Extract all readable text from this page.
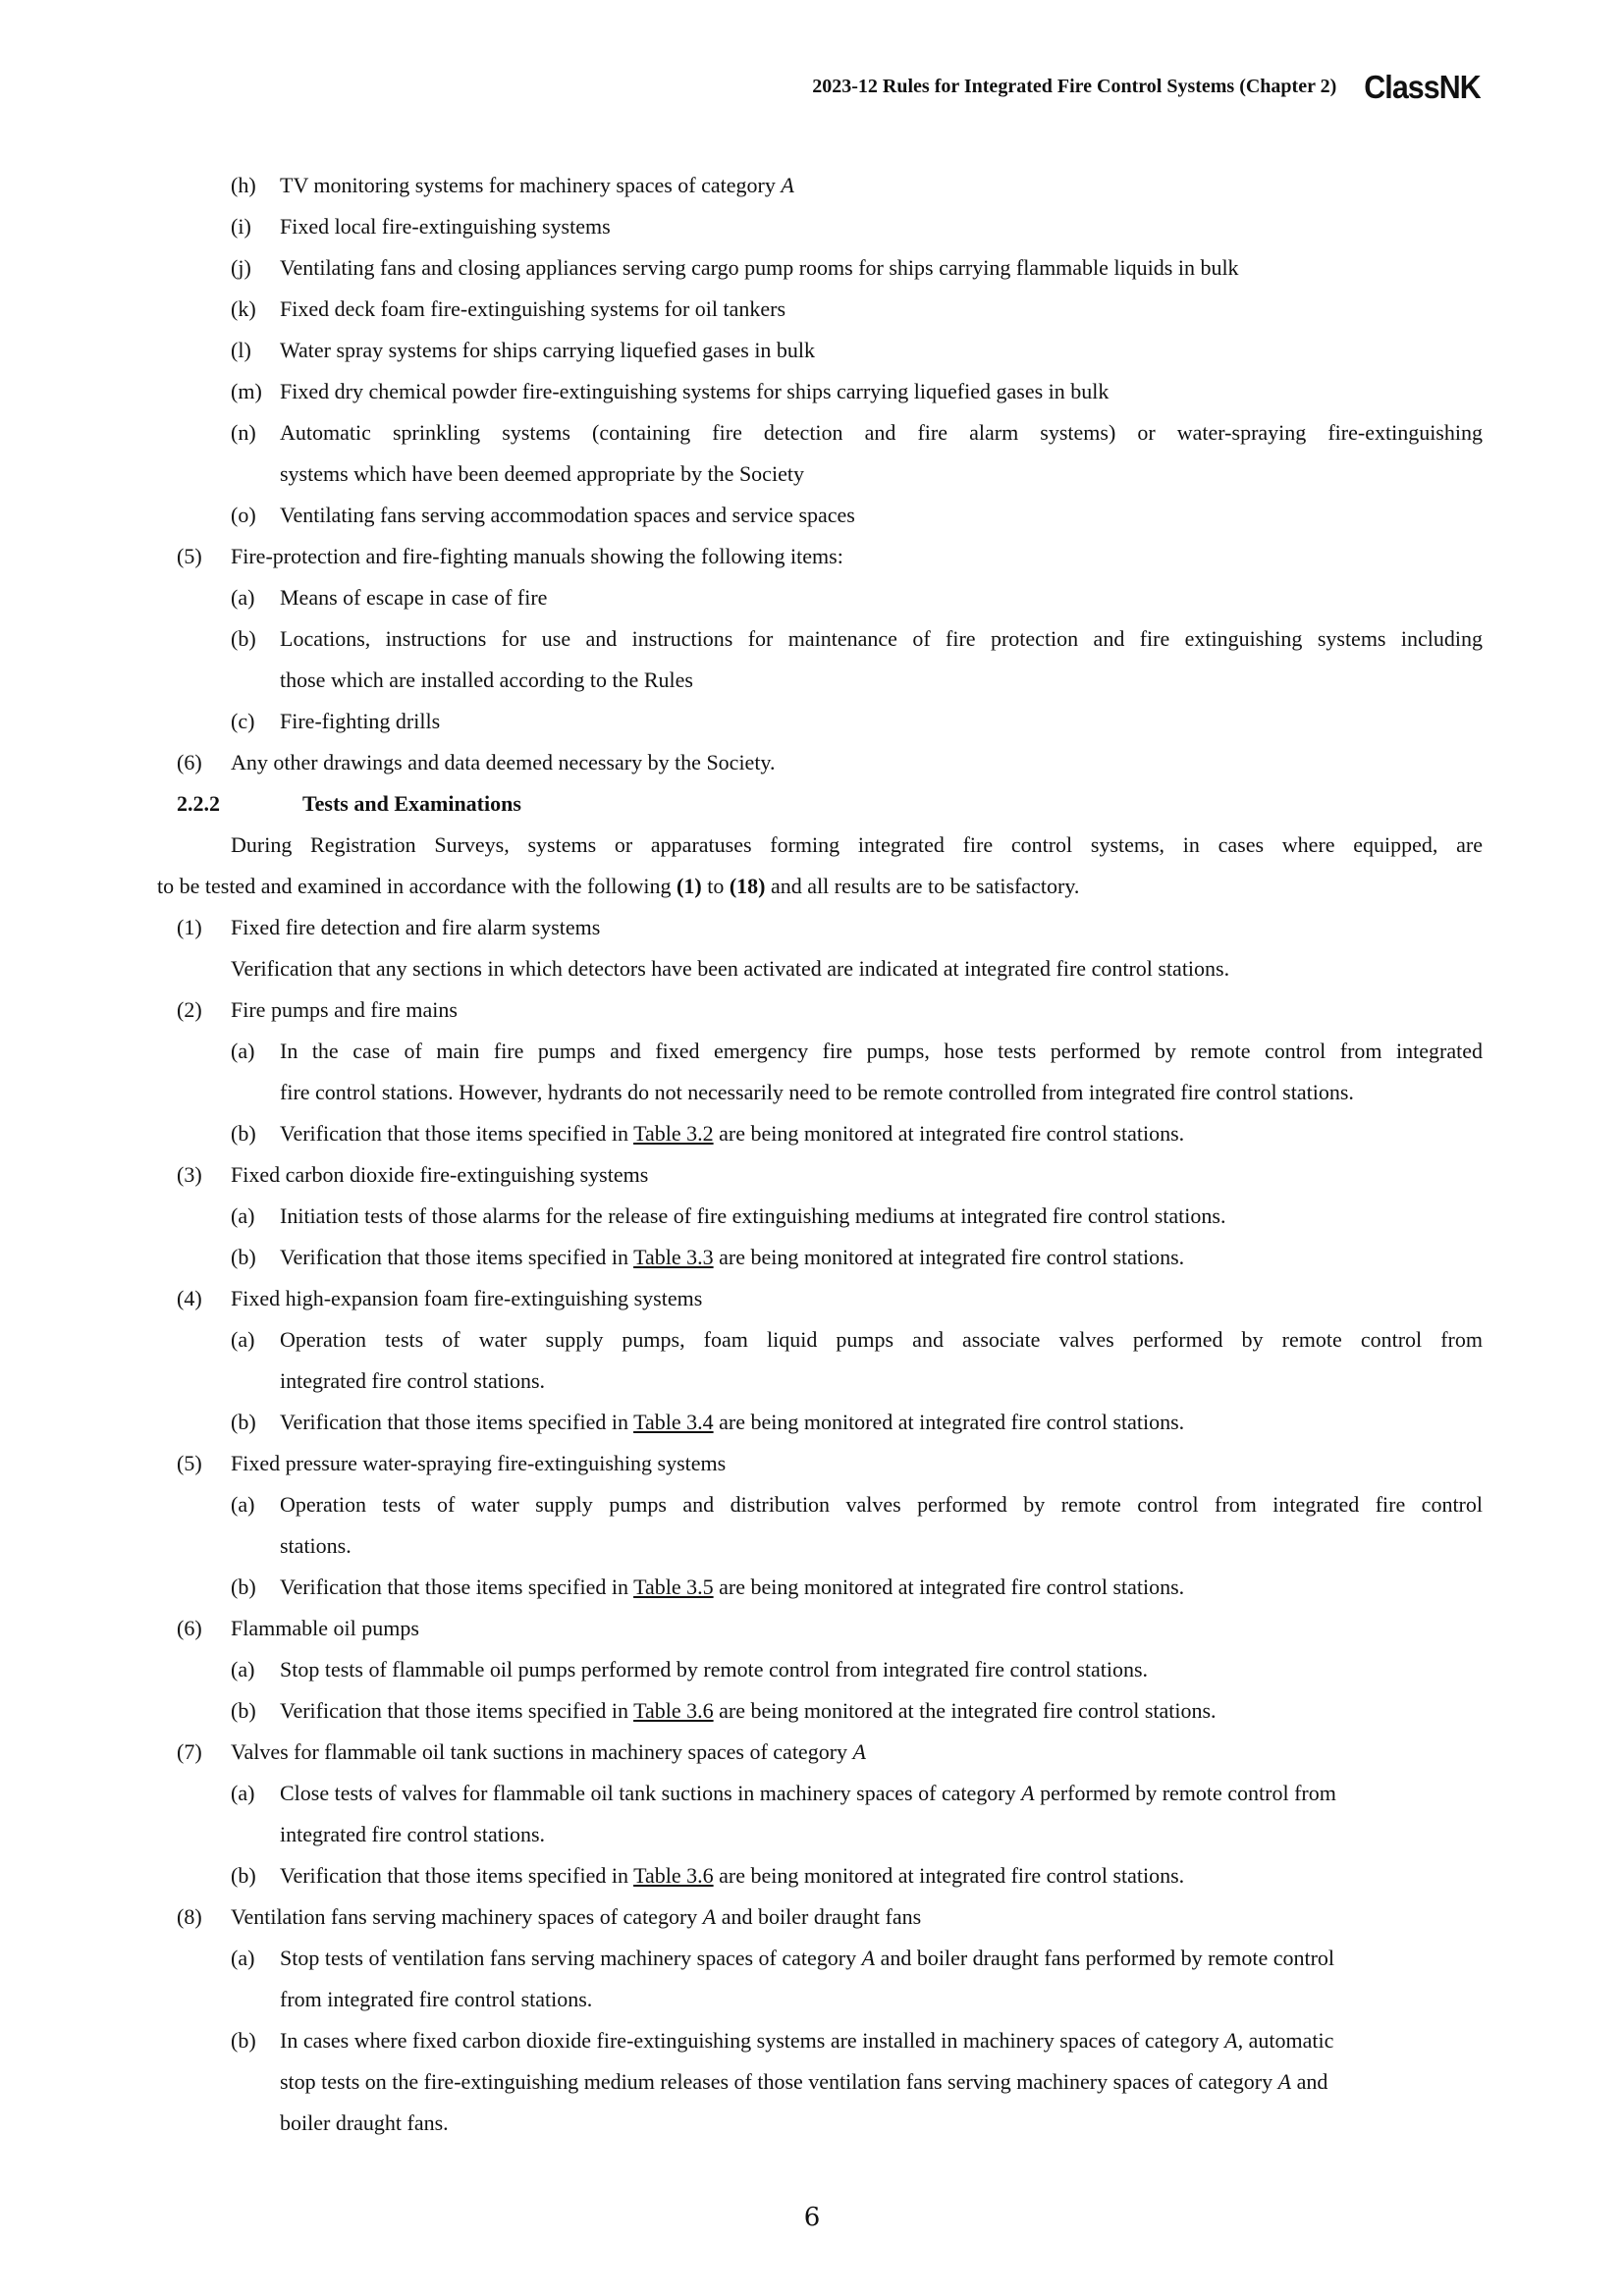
2023-12 Rules for Integrated Fire Control Systems (Chapter 2) ClassNK
(h)	TV monitoring systems for machinery spaces of category A
(i)	Fixed local fire-extinguishing systems
(j)	Ventilating fans and closing appliances serving cargo pump rooms for ships carrying flammable liquids in bulk
(k)	Fixed deck foam fire-extinguishing systems for oil tankers
(l)	Water spray systems for ships carrying liquefied gases in bulk
(m) Fixed dry chemical powder fire-extinguishing systems for ships carrying liquefied gases in bulk
(n)	Automatic sprinkling systems (containing fire detection and fire alarm systems) or water-spraying fire-extinguishing
systems which have been deemed appropriate by the Society
(o)	Ventilating fans serving accommodation spaces and service spaces
(5)	Fire-protection and fire-fighting manuals showing the following items:
(a)	Means of escape in case of fire
(b)	Locations, instructions for use and instructions for maintenance of fire protection and fire extinguishing systems including
those which are installed according to the Rules
(c)	Fire-fighting drills
(6)	Any other drawings and data deemed necessary by the Society.
2.2.2	Tests and Examinations
During Registration Surveys, systems or apparatuses forming integrated fire control systems, in cases where equipped, are
to be tested and examined in accordance with the following (1) to (18) and all results are to be satisfactory.
(1)	Fixed fire detection and fire alarm systems
Verification that any sections in which detectors have been activated are indicated at integrated fire control stations.
(2)	Fire pumps and fire mains
(a)	In the case of main fire pumps and fixed emergency fire pumps, hose tests performed by remote control from integrated
fire control stations. However, hydrants do not necessarily need to be remote controlled from integrated fire control stations.
(b)	Verification that those items specified in Table 3.2 are being monitored at integrated fire control stations.
(3)	Fixed carbon dioxide fire-extinguishing systems
(a)	Initiation tests of those alarms for the release of fire extinguishing mediums at integrated fire control stations.
(b)	Verification that those items specified in Table 3.3 are being monitored at integrated fire control stations.
(4)	Fixed high-expansion foam fire-extinguishing systems
(a)	Operation tests of water supply pumps, foam liquid pumps and associate valves performed by remote control from
integrated fire control stations.
(b)	Verification that those items specified in Table 3.4 are being monitored at integrated fire control stations.
(5)	Fixed pressure water-spraying fire-extinguishing systems
(a)	Operation tests of water supply pumps and distribution valves performed by remote control from integrated fire control
stations.
(b)	Verification that those items specified in Table 3.5 are being monitored at integrated fire control stations.
(6)	Flammable oil pumps
(a)	Stop tests of flammable oil pumps performed by remote control from integrated fire control stations.
(b)	Verification that those items specified in Table 3.6 are being monitored at the integrated fire control stations.
(7)	Valves for flammable oil tank suctions in machinery spaces of category A
(a)	Close tests of valves for flammable oil tank suctions in machinery spaces of category A performed by remote control from
integrated fire control stations.
(b)	Verification that those items specified in Table 3.6 are being monitored at integrated fire control stations.
(8)	Ventilation fans serving machinery spaces of category A and boiler draught fans
(a)	Stop tests of ventilation fans serving machinery spaces of category A and boiler draught fans performed by remote control
from integrated fire control stations.
(b)	In cases where fixed carbon dioxide fire-extinguishing systems are installed in machinery spaces of category A, automatic
stop tests on the fire-extinguishing medium releases of those ventilation fans serving machinery spaces of category A and
boiler draught fans.
6
